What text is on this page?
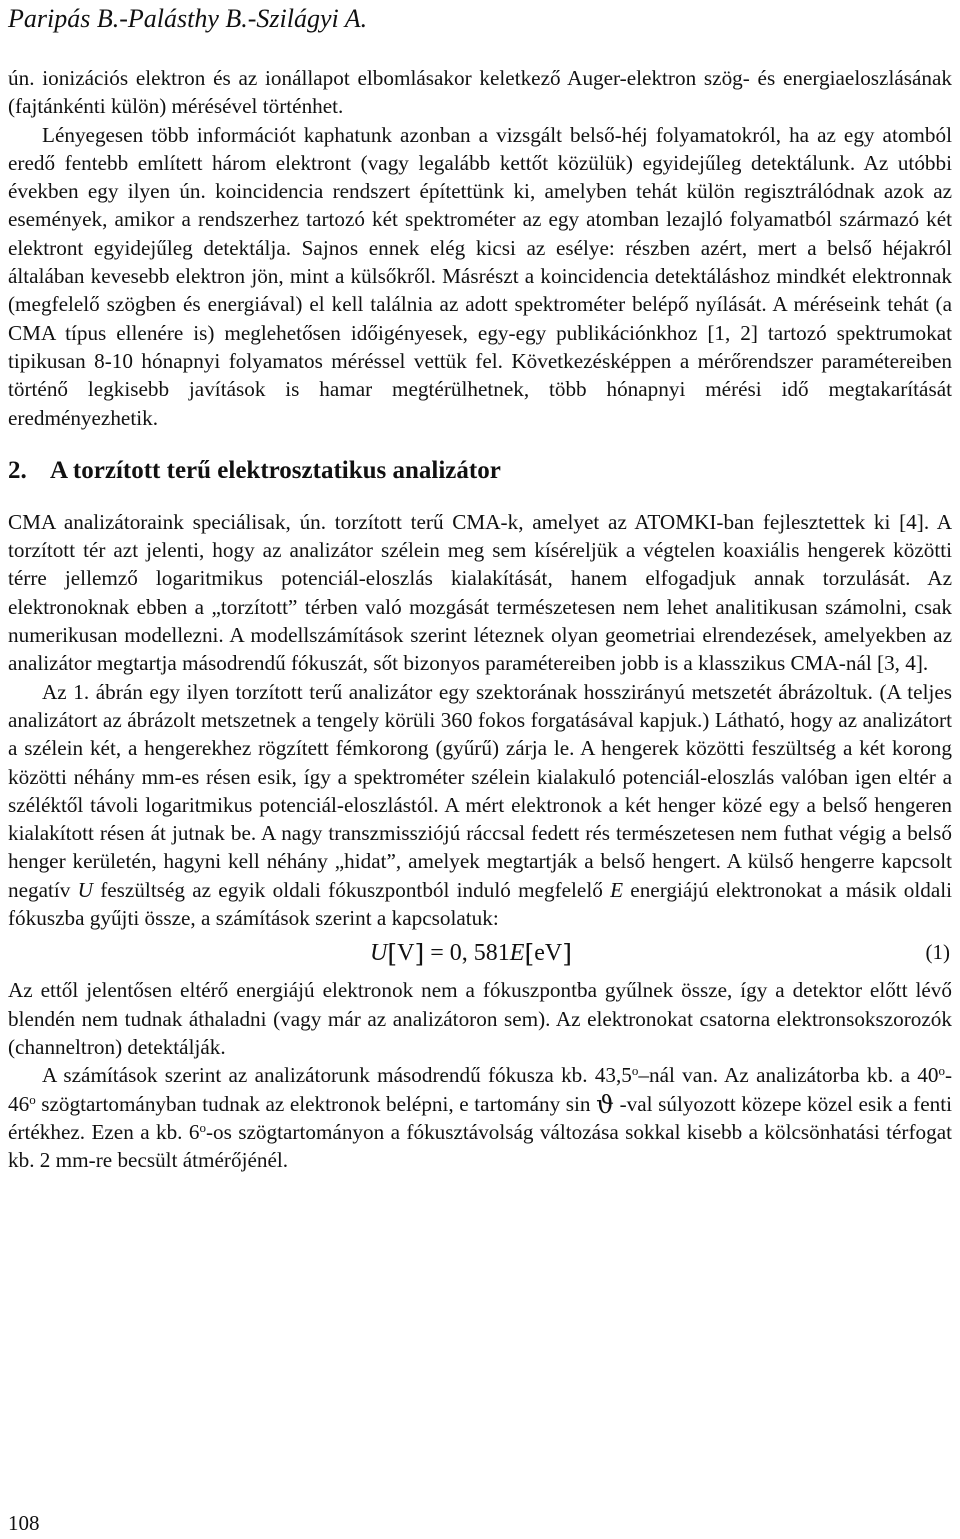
Paripás B.-Palásthy B.-Szilágyi A.

ún. ionizációs elektron és az ionállapot elbomlásakor keletkező Auger-elektron szög- és energiaeloszlásának (fajtánkénti külön) mérésével történhet.

Lényegesen több információt kaphatunk azonban a vizsgált belső-héj folyamatokról, ha az egy atomból eredő fentebb említett három elektront (vagy legalább kettőt közülük) egyidejűleg detektálunk. Az utóbbi években egy ilyen ún. koincidencia rendszert építettünk ki, amelyben tehát külön regisztrálódnak azok az események, amikor a rendszerhez tartozó két spektrométer az egy atomban lezajló folyamatból származó két elektront egyidejűleg detektálja. Sajnos ennek elég kicsi az esélye: részben azért, mert a belső héjakról általában kevesebb elektron jön, mint a külsőkről. Másrészt a koincidencia detektáláshoz mindkét elektronnak (megfelelő szögben és energiával) el kell találnia az adott spektrométer belépő nyílását. A méréseink tehát (a CMA típus ellenére is) meglehetősen időigényesek, egy-egy publikációnkhoz [1, 2] tartozó spektrumokat tipikusan 8-10 hónapnyi folyamatos méréssel vettük fel. Következésképpen a mérőrendszer paramétereiben történő legkisebb javítások is hamar megtérülhetnek, több hónapnyi mérési idő megtakarítását eredményezhetik.

2. A torzított terű elektrosztatikus analizátor

CMA analizátoraink speciálisak, ún. torzított terű CMA-k, amelyet az ATOMKI-ban fejlesztettek ki [4]. A torzított tér azt jelenti, hogy az analizátor szélein meg sem kíséreljük a végtelen koaxiális hengerek közötti térre jellemző logaritmikus potenciál-eloszlás kialakítását, hanem elfogadjuk annak torzulását. Az elektronoknak ebben a „torzított” térben való mozgását természetesen nem lehet analitikusan számolni, csak numerikusan modellezni. A modellszámítások szerint léteznek olyan geometriai elrendezések, amelyekben az analizátor megtartja másodrendű fókuszát, sőt bizonyos paramétereiben jobb is a klasszikus CMA-nál [3, 4].

Az 1. ábrán egy ilyen torzított terű analizátor egy szektorának hosszirányú metszetét ábrázoltuk. (A teljes analizátort az ábrázolt metszetnek a tengely körüli 360 fokos forgatásával kapjuk.) Látható, hogy az analizátort a szélein két, a hengerekhez rögzített fémkorong (gyűrű) zárja le. A hengerek közötti feszültség a két korong közötti néhány mm-es résen esik, így a spektrométer szélein kialakuló potenciál-eloszlás valóban igen eltér a széléktől távoli logaritmikus potenciál-eloszlástól. A mért elektronok a két henger közé egy a belső hengeren kialakított résen át jutnak be. A nagy transzmissziójú ráccsal fedett rés természetesen nem futhat végig a belső henger kerületén, hagyni kell néhány „hidat”, amelyek megtartják a belső hengert. A külső hengerre kapcsolt negatív U feszültség az egyik oldali fókuszpontból induló megfelelő E energiájú elektronokat a másik oldali fókuszba gyűjti össze, a számítások szerint a kapcsolatuk:

U[V] = 0, 581E[eV]	(1)

Az ettől jelentősen eltérő energiájú elektronok nem a fókuszpontba gyűlnek össze, így a detektor előtt lévő blendén nem tudnak áthaladni (vagy már az analizátoron sem). Az elektronokat csatorna elektronsokszorozók (channeltron) detektálják.

A számítások szerint az analizátorunk másodrendű fókusza kb. 43,5$^o$–nál van. Az analizátorba kb. a 40$^o$-46$^o$ szögtartományban tudnak az elektronok belépni, e tartomány sin ϑ -val súlyozott közepe közel esik a fenti értékhez. Ezen a kb. 6$^o$-os szögtartományon a fókusztávolság változása sokkal kisebb a kölcsönhatási térfogat kb. 2 mm-re becsült átmérőjénél.

108
